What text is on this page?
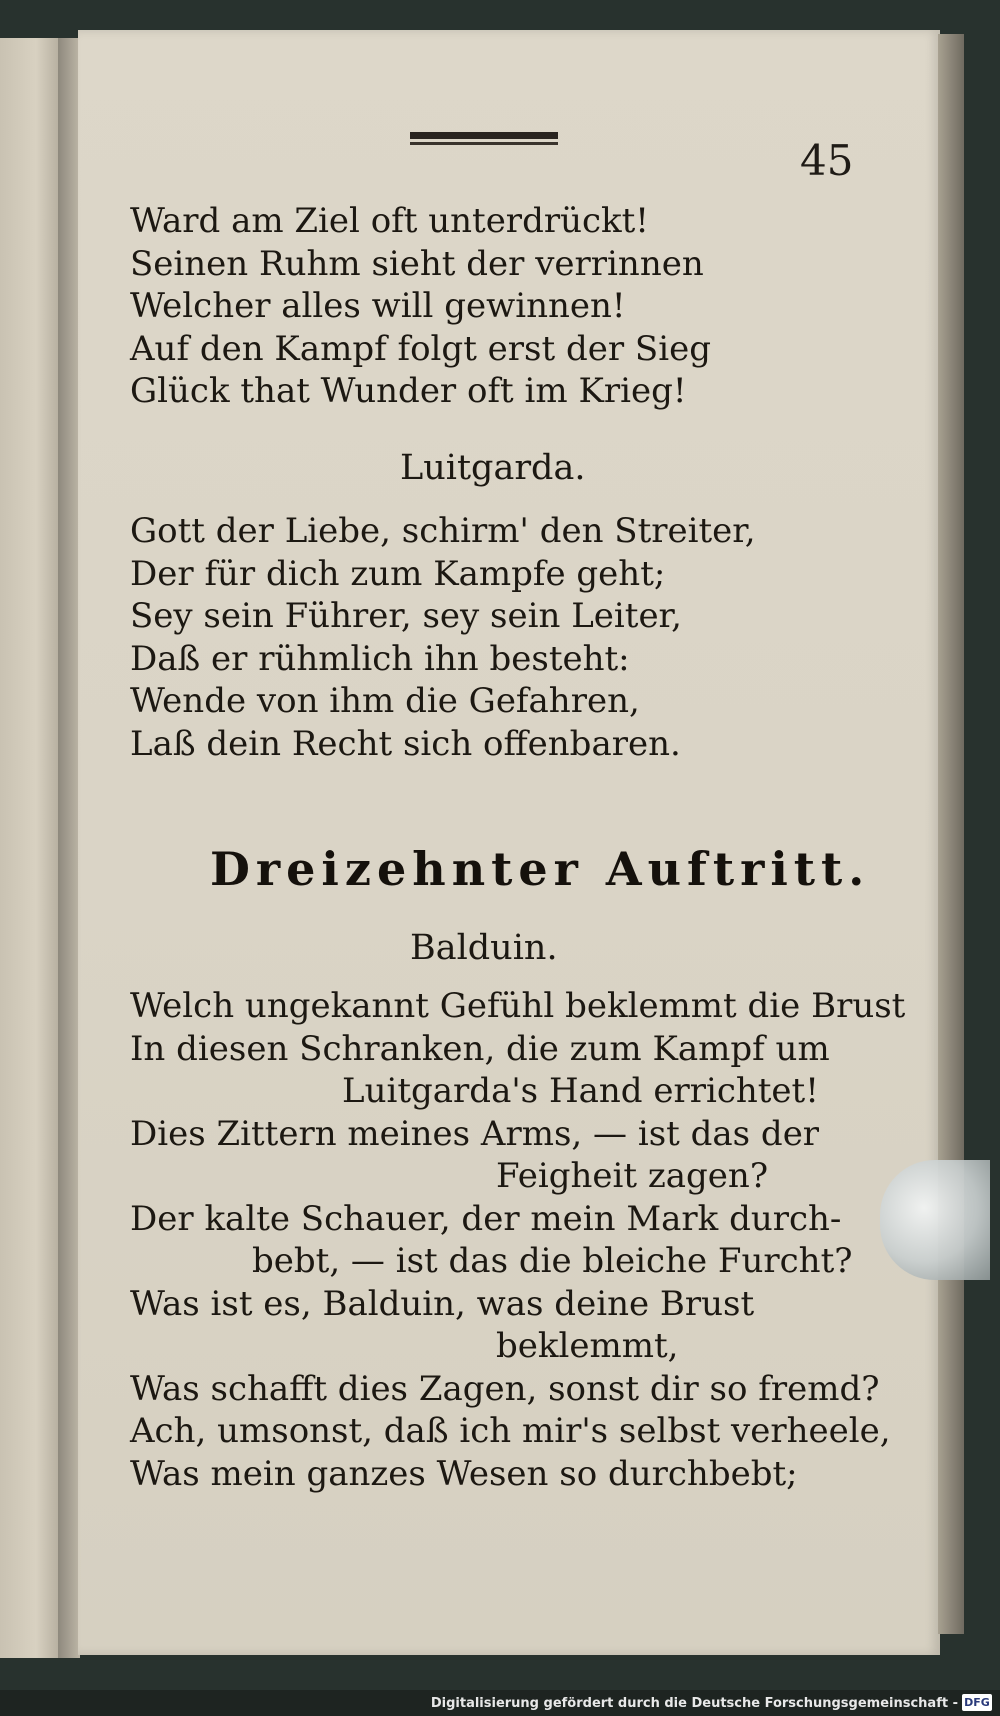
45
Ward am Ziel oft unterdrückt!
Seinen Ruhm sieht der verrinnen
Welcher alles will gewinnen!
Auf den Kampf folgt erst der Sieg
Glück that Wunder oft im Krieg!
Luitgarda.
Gott der Liebe, schirm' den Streiter,
Der für dich zum Kampfe geht;
Sey sein Führer, sey sein Leiter,
Daß er rühmlich ihn besteht:
Wende von ihm die Gefahren,
Laß dein Recht sich offenbaren.
Dreizehnter Auftritt.
Balduin.
Welch ungekannt Gefühl beklemmt die Brust
In diesen Schranken, die zum Kampf um
Luitgarda's Hand errichtet!
Dies Zittern meines Arms, — ist das der
Feigheit zagen?
Der kalte Schauer, der mein Mark durch-
bebt, — ist das die bleiche Furcht?
Was ist es, Balduin, was deine Brust
beklemmt,
Was schafft dies Zagen, sonst dir so fremd?
Ach, umsonst, daß ich mir's selbst verheele,
Was mein ganzes Wesen so durchbebt;
Digitalisierung gefördert durch die Deutsche Forschungsgemeinschaft - DFG
